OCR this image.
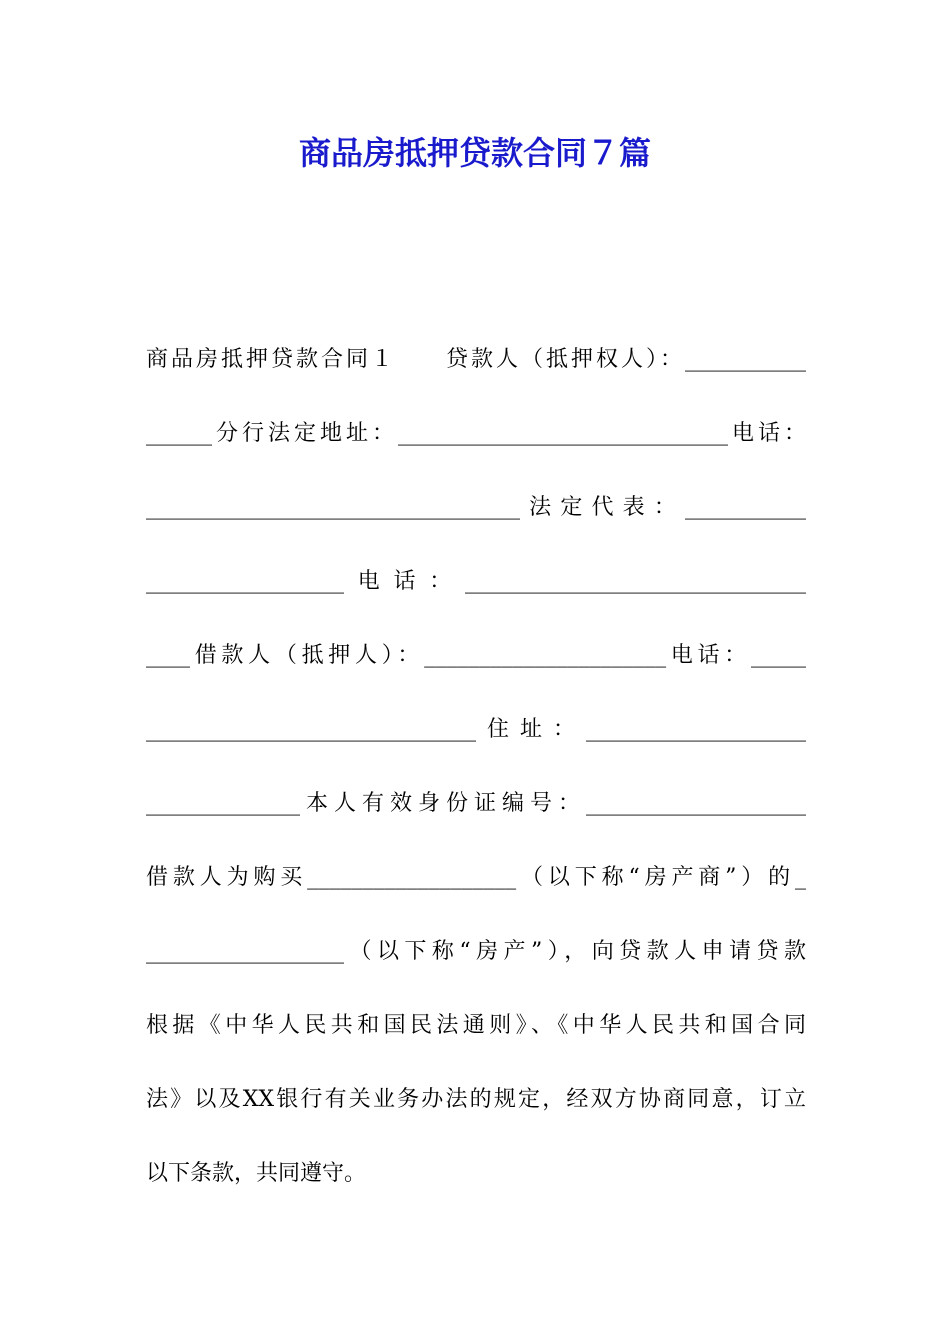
商品房抵押贷款合同７篇
商品房抵押贷款合同１　　贷款人（抵押权人）：___________
______分行法定地址：______________________________电话：
__________________________________法定代表：___________
__________________电话：_______________________________
____借款人（抵押人）：______________________电话：_____
______________________________住址：____________________
______________本人有效身份证编号：____________________
借款人为购买___________________（以下称“房产商”）的_
__________________（以下称“房产”），向贷款人申请贷款
根据《中华人民共和国民法通则》、《中华人民共和国合同
法》以及XX银行有关业务办法的规定，经双方协商同意，订立
以下条款，共同遵守。
